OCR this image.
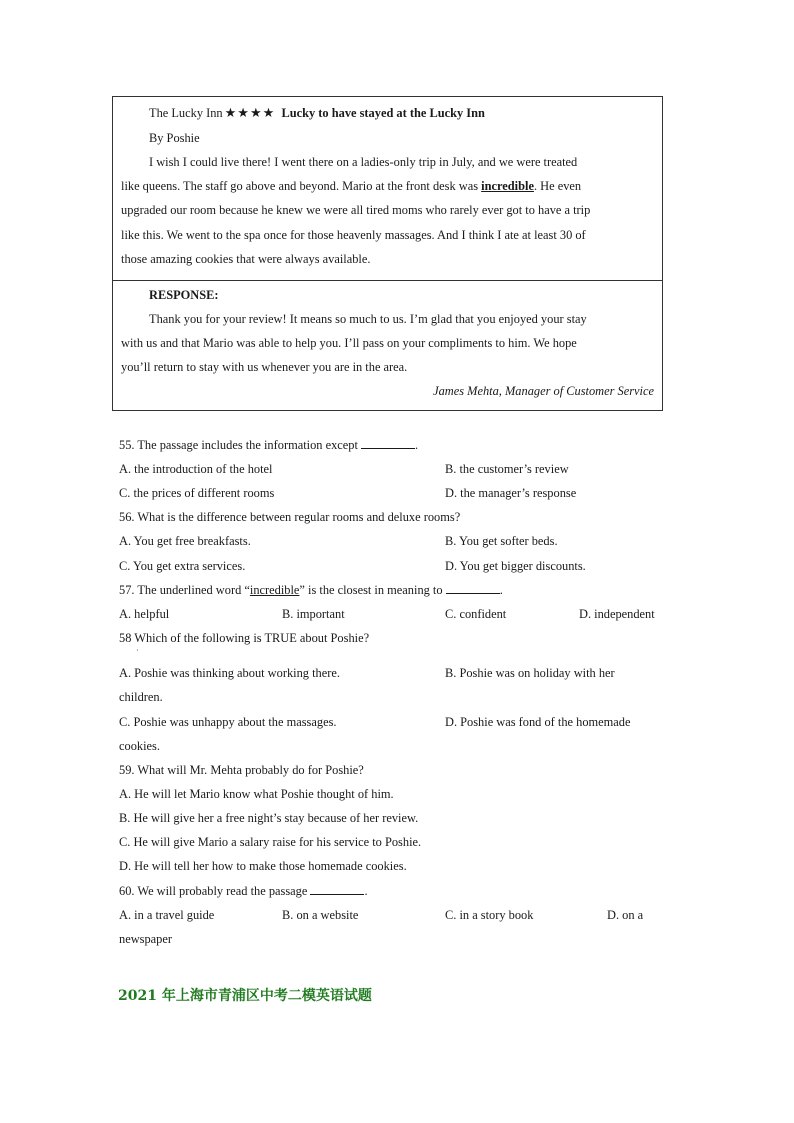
The Lucky Inn ★★★★ Lucky to have stayed at the Lucky Inn
By Poshie
I wish I could live there! I went there on a ladies-only trip in July, and we were treated
like queens. The staff go above and beyond. Mario at the front desk was incredible. He even
upgraded our room because he knew we were all tired moms who rarely ever got to have a trip
like this. We went to the spa once for those heavenly massages. And I think I ate at least 30 of
those amazing cookies that were always available.
RESPONSE:
Thank you for your review! It means so much to us. I’m glad that you enjoyed your stay
with us and that Mario was able to help you. I’ll pass on your compliments to him. We hope
you’ll return to stay with us whenever you are in the area.
James Mehta, Manager of Customer Service
55. The passage includes the information except	.
A. the introduction of the hotel	B. the customer’s review
C. the prices of different rooms	D. the manager’s response
56. What is the difference between regular rooms and deluxe rooms?
A. You get free breakfasts.	B. You get softer beds.
C. You get extra services.	D. You get bigger discounts.
57. The underlined word “incredible” is the closest in meaning to	.
A. helpful	B. important	C. confident	D. independent
58 Which of the following is TRUE about Poshie?
·
A. Poshie was thinking about working there.	B. Poshie was on holiday with her
children.
C. Poshie was unhappy about the massages.	D. Poshie was fond of the homemade
cookies.
59. What will Mr. Mehta probably do for Poshie?
A. He will let Mario know what Poshie thought of him.
B. He will give her a free night’s stay because of her review.
C. He will give Mario a salary raise for his service to Poshie.
D. He will tell her how to make those homemade cookies.
60. We will probably read the passage	.
A. in a travel guide	B. on a website	C. in a story book	D. on a
newspaper
2021 年上海市青浦区中考二模英语试题
